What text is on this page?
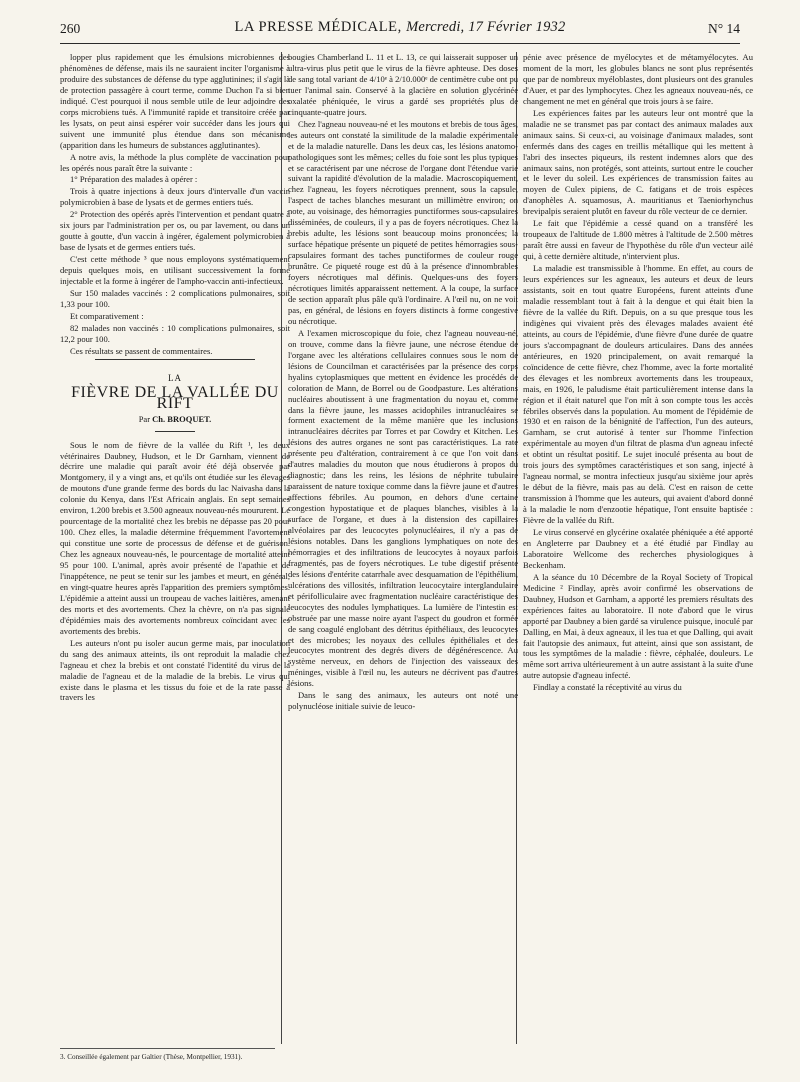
260	LA PRESSE MÉDICALE, Mercredi, 17 Février 1932	N° 14

lopper plus rapidement que les émulsions microbiennes des phénomènes de défense, mais ils ne sauraient inciter l'organisme à produire des substances de défense du type agglutinines; il s'agit là de protection passagère à court terme, comme Duchon l'a si bien indiqué. C'est pourquoi il nous semble utile de leur adjoindre des corps microbiens tués. A l'immunité rapide et transitoire créée par les lysats, on peut ainsi espérer voir succéder dans les jours qui suivent une immunité plus étendue dans son mécanisme (apparition dans les humeurs de substances agglutinantes).

A notre avis, la méthode la plus complète de vaccination pour les opérés nous paraît être la suivante :

1° Préparation des malades à opérer :

Trois à quatre injections à deux jours d'intervalle d'un vaccin polymicrobien à base de lysats et de germes entiers tués.

2° Protection des opérés après l'intervention et pendant quatre à six jours par l'administration per os, ou par lavement, ou dans un goutte à goutte, d'un vaccin à ingérer, également polymicrobien à base de lysats et de germes entiers tués.

C'est cette méthode ³ que nous employons systématiquement depuis quelques mois, en utilisant successivement la forme injectable et la forme à ingérer de l'ampho-vaccin anti-infectieux.

Sur 150 malades vaccinés : 2 complications pulmonaires, soit 1,33 pour 100.

Et comparativement :

82 malades non vaccinés : 10 complications pulmonaires, soit 12,2 pour 100.

Ces résultats se passent de commentaires.

LA
FIÈVRE DE LA VALLÉE DU RIFT
Par Ch. BROQUET.

Sous le nom de fièvre de la vallée du Rift ¹, les deux vétérinaires Daubney, Hudson, et le Dr Garnham, viennent de décrire une maladie qui paraît avoir été déjà observée par Montgomery, il y a vingt ans, et qu'ils ont étudiée sur les élevages de moutons d'une grande ferme des bords du lac Naivasha dans la colonie du Kenya, dans l'Est Africain anglais. En sept semaines environ, 1.200 brebis et 3.500 agneaux nouveau-nés moururent. Le pourcentage de la mortalité chez les brebis ne dépasse pas 20 pour 100. Chez elles, la maladie détermine fréquemment l'avortement qui constitue une sorte de processus de défense et de guérison. Chez les agneaux nouveau-nés, le pourcentage de mortalité atteint 95 pour 100. L'animal, après avoir présenté de l'apathie et de l'inappétence, ne peut se tenir sur les jambes et meurt, en général, en vingt-quatre heures après l'apparition des premiers symptômes. L'épidémie a atteint aussi un troupeau de vaches laitières, amenant des morts et des avortements. Chez la chèvre, on n'a pas signalé d'épidémies mais des avortements nombreux coïncidant avec les avortements des brebis.

Les auteurs n'ont pu isoler aucun germe mais, par inoculation du sang des animaux atteints, ils ont reproduit la maladie chez l'agneau et chez la brebis et ont constaté l'identité du virus de la maladie de l'agneau et de la maladie de la brebis. Le virus qui existe dans le plasma et les tissus du foie et de la rate passe à travers les

bougies Chamberland L. 11 et L. 13, ce qui laisserait supposer un ultra-virus plus petit que le virus de la fièvre aphteuse. Des doses de sang total variant de 4/10ᵉ à 2/10.000ᵉ de centimètre cube ont pu tuer l'animal sain. Conservé à la glacière en solution glycérinée oxalatée phéniquée, le virus a gardé ses propriétés plus de cinquante-quatre jours.

Chez l'agneau nouveau-né et les moutons et brebis de tous âges, les auteurs ont constaté la similitude de la maladie expérimentale et de la maladie naturelle. Dans les deux cas, les lésions anatomo-pathologiques sont les mêmes; celles du foie sont les plus typiques et se caractérisent par une nécrose de l'organe dont l'étendue varie suivant la rapidité d'évolution de la maladie. Macroscopiquement, chez l'agneau, les foyers nécrotiques prennent, sous la capsule, l'aspect de taches blanches mesurant un millimètre environ; on note, au voisinage, des hémorragies punctiformes sous-capsulaires disséminées, de couleurs, il y a pas de foyers nécrotiques. Chez la brebis adulte, les lésions sont beaucoup moins prononcées; la surface hépatique présente un piqueté de petites hémorragies sous-capsulaires formant des taches punctiformes de couleur rouge brunâtre. Ce piqueté rouge est dû à la présence d'innombrables foyers nécrotiques mal définis. Quelques-uns des foyers nécrotiques limités apparaissent nettement. A la coupe, la surface de section apparaît plus pâle qu'à l'ordinaire. A l'œil nu, on ne voit pas, en général, de lésions en foyers distincts à forme congestive ou nécrotique.

A l'examen microscopique du foie, chez l'agneau nouveau-né, on trouve, comme dans la fièvre jaune, une nécrose étendue de l'organe avec les altérations cellulaires connues sous le nom de lésions de Councilman et caractérisées par la présence des corps hyalins cytoplasmiques que mettent en évidence les procédés de coloration de Mann, de Borrel ou de Goodpasture. Les altérations nucléaires aboutissent à une fragmentation du noyau et, comme dans la fièvre jaune, les masses acidophiles intranucléaires se forment exactement de la même manière que les inclusions intranucléaires décrites par Torres et par Cowdry et Kitchen. Les lésions des autres organes ne sont pas caractéristiques. La rate présente peu d'altération, contrairement à ce que l'on voit dans d'autres maladies du mouton que nous étudierons à propos du diagnostic; dans les reins, les lésions de néphrite tubulaire paraissent de nature toxique comme dans la fièvre jaune et d'autres affections fébriles. Au poumon, en dehors d'une certaine congestion hypostatique et de plaques blanches, visibles à la surface de l'organe, et dues à la distension des capillaires alvéolaires par des leucocytes polynucléaires, il n'y a pas de lésions notables. Dans les ganglions lymphatiques on note des hémorragies et des infiltrations de leucocytes à noyaux parfois fragmentés, pas de foyers nécrotiques. Le tube digestif présente des lésions d'entérite catarrhale avec desquamation de l'épithélium, ulcérations des villosités, infiltration leucocytaire interglandulaire et périfolliculaire avec fragmentation nucléaire caractéristique des leucocytes des nodules lymphatiques. La lumière de l'intestin est obstruée par une masse noire ayant l'aspect du goudron et formée de sang coagulé englobant des détritus épithéliaux, des leucocytes et des microbes; les noyaux des cellules épithéliales et des leucocytes montrent des degrés divers de dégénérescence. Au système nerveux, en dehors de l'injection des vaisseaux des méninges, visible à l'œil nu, les auteurs ne décrivent pas d'autres lésions.

Dans le sang des animaux, les auteurs ont noté une polynucléose initiale suivie de leuco-

pénie avec présence de myélocytes et de métamyélocytes. Au moment de la mort, les globules blancs ne sont plus représentés que par de nombreux myéloblastes, dont plusieurs ont des granules d'Auer, et par des lymphocytes. Chez les agneaux nouveau-nés, ce changement ne met en général que trois jours à se faire.

Les expériences faites par les auteurs leur ont montré que la maladie ne se transmet pas par contact des animaux malades aux animaux sains. Si ceux-ci, au voisinage d'animaux malades, sont enfermés dans des cages en treillis métallique qui les mettent à l'abri des insectes piqueurs, ils restent indemnes alors que des animaux sains, non protégés, sont atteints, surtout entre le coucher et le lever du soleil. Les expériences de transmission faites au moyen de Culex pipiens, de C. fatigans et de trois espèces d'anophèles A. squamosus, A. mauritianus et Taeniorhynchus brevipalpis seraient plutôt en faveur du rôle vecteur de ce dernier.

Le fait que l'épidémie a cessé quand on a transféré les troupeaux de l'altitude de 1.800 mètres à l'altitude de 2.500 mètres paraît être aussi en faveur de l'hypothèse du rôle d'un vecteur ailé qui, à cette dernière altitude, n'intervient plus.

La maladie est transmissible à l'homme. En effet, au cours de leurs expériences sur les agneaux, les auteurs et deux de leurs assistants, soit en tout quatre Européens, furent atteints d'une maladie ressemblant tout à fait à la dengue et qui était bien la fièvre de la vallée du Rift. Depuis, on a su que presque tous les indigènes qui vivaient près des élevages malades avaient été atteints, au cours de l'épidémie, d'une fièvre d'une durée de quatre jours s'accompagnant de douleurs articulaires. Dans des années antérieures, en 1920 principalement, on avait remarqué la coïncidence de cette fièvre, chez l'homme, avec la forte mortalité des élevages et les nombreux avortements dans les troupeaux, mais, en 1926, le paludisme était particulièrement intense dans la région et il était naturel que l'on mît à son compte tous les accès fébriles observés dans la population. Au moment de l'épidémie de 1930 et en raison de la bénignité de l'affection, l'un des auteurs, Garnham, se crut autorisé à tenter sur l'homme l'infection expérimentale au moyen d'un filtrat de plasma d'un agneau infecté et obtint un résultat positif. Le sujet inoculé présenta au bout de trois jours des symptômes caractéristiques et son sang, injecté à l'agneau normal, se montra infectieux jusqu'au sixième jour après le début de la fièvre, mais pas au delà. C'est en raison de cette transmission à l'homme que les auteurs, qui avaient d'abord donné à la maladie le nom d'enzootie hépatique, l'ont ensuite baptisée : Fièvre de la vallée du Rift.

Le virus conservé en glycérine oxalatée phéniquée a été apporté en Angleterre par Daubney et a été étudié par Findlay au Laboratoire Wellcome des recherches physiologiques à Beckenham.

A la séance du 10 Décembre de la Royal Society of Tropical Medicine ² Findlay, après avoir confirmé les observations de Daubney, Hudson et Garnham, a apporté les premiers résultats des expériences faites au laboratoire. Il note d'abord que le virus apporté par Daubney a bien gardé sa virulence puisque, inoculé par Dalling, en Mai, à deux agneaux, il les tua et que Dalling, qui avait fait l'autopsie des animaux, fut atteint, ainsi que son assistant, de tous les symptômes de la maladie : fièvre, céphalée, douleurs. Le même sort arriva ultérieurement à un autre assistant à la suite d'une autre autopsie d'agneau infecté.

Findlay a constaté la réceptivité au virus du

3. Conseillée également par Galtier (Thèse, Montpellier, 1931).
